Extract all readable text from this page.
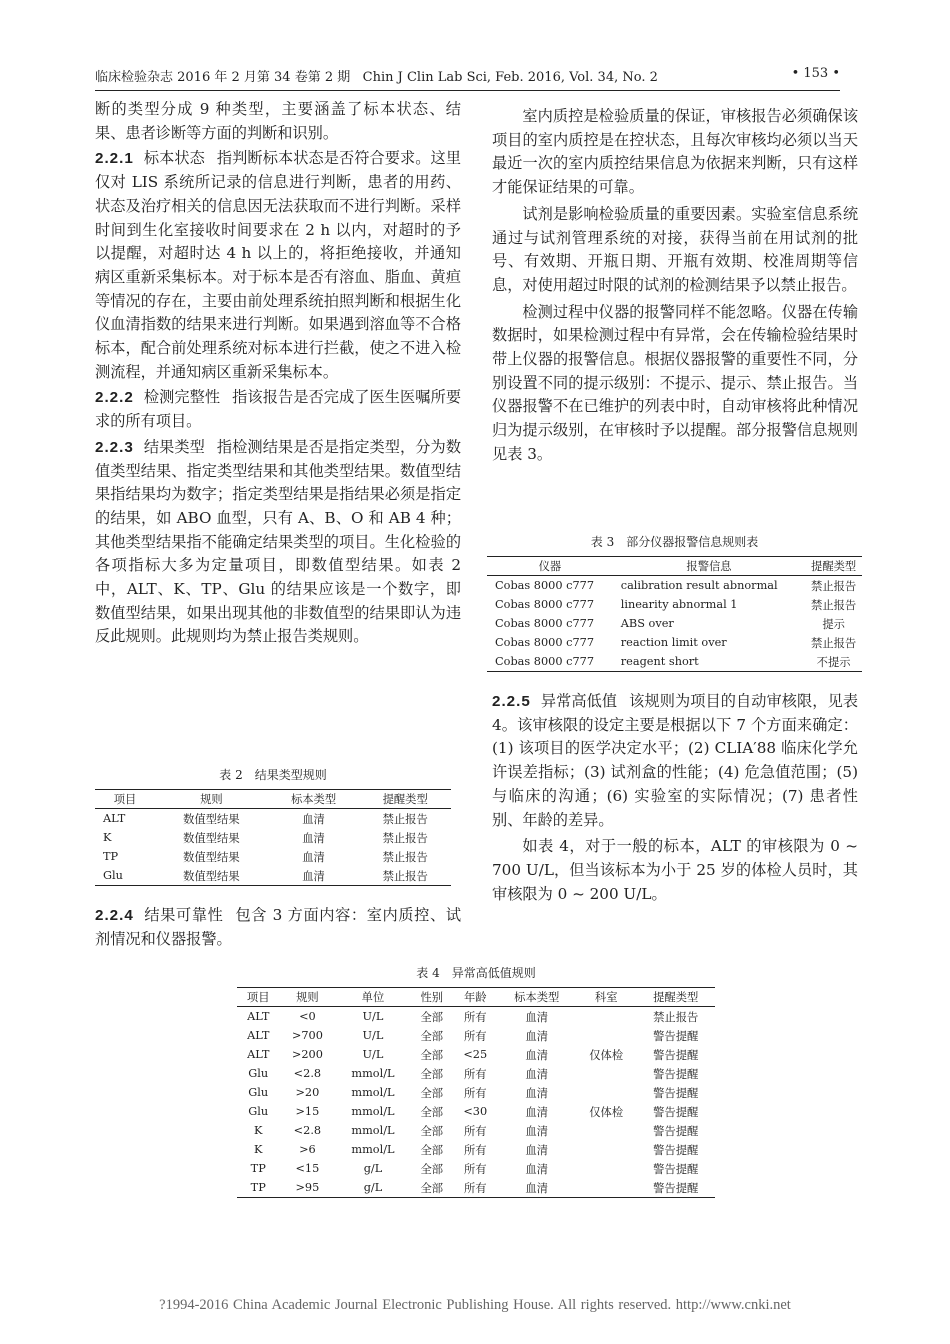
临床检验杂志 2016 年 2 月第 34 卷第 2 期 Chin J Clin Lab Sci, Feb. 2016, Vol. 34, No. 2	• 153 •

断的类型分成 9 种类型，主要涵盖了标本状态、结果、患者诊断等方面的判断和识别。

2.2.1 标本状态 指判断标本状态是否符合要求。这里仅对 LIS 系统所记录的信息进行判断，患者的用药、状态及治疗相关的信息因无法获取而不进行判断。采样时间到生化室接收时间要求在 2 h 以内，对超时的予以提醒，对超时达 4 h 以上的，将拒绝接收，并通知病区重新采集标本。对于标本是否有溶血、脂血、黄疸等情况的存在，主要由前处理系统拍照判断和根据生化仪血清指数的结果来进行判断。如果遇到溶血等不合格标本，配合前处理系统对标本进行拦截，使之不进入检测流程，并通知病区重新采集标本。

2.2.2 检测完整性 指该报告是否完成了医生医嘱所要求的所有项目。

2.2.3 结果类型 指检测结果是否是指定类型，分为数值类型结果、指定类型结果和其他类型结果。数值型结果指结果均为数字；指定类型结果是指结果必须是指定的结果，如 ABO 血型，只有 A、B、O 和 AB 4 种；其他类型结果指不能确定结果类型的项目。生化检验的各项指标大多为定量项目，即数值型结果。如表 2 中，ALT、K、TP、Glu 的结果应该是一个数字，即数值型结果，如果出现其他的非数值型的结果即认为违反此规则。此规则均为禁止报告类规则。

表 2　结果类型规则
项目	规则	标本类型	提醒类型
ALT	数值型结果	血清	禁止报告
K	数值型结果	血清	禁止报告
TP	数值型结果	血清	禁止报告
Glu	数值型结果	血清	禁止报告

2.2.4 结果可靠性 包含 3 方面内容：室内质控、试剂情况和仪器报警。

室内质控是检验质量的保证，审核报告必须确保该项目的室内质控是在控状态，且每次审核均必须以当天最近一次的室内质控结果信息为依据来判断，只有这样才能保证结果的可靠。

试剂是影响检验质量的重要因素。实验室信息系统通过与试剂管理系统的对接，获得当前在用试剂的批号、有效期、开瓶日期、开瓶有效期、校准周期等信息，对使用超过时限的试剂的检测结果予以禁止报告。

检测过程中仪器的报警同样不能忽略。仪器在传输数据时，如果检测过程中有异常，会在传输检验结果时带上仪器的报警信息。根据仪器报警的重要性不同，分别设置不同的提示级别：不提示、提示、禁止报告。当仪器报警不在已维护的列表中时，自动审核将此种情况归为提示级别，在审核时予以提醒。部分报警信息规则见表 3。

表 3　部分仪器报警信息规则表
仪器	报警信息	提醒类型
Cobas 8000 c777	calibration result abnormal	禁止报告
Cobas 8000 c777	linearity abnormal 1	禁止报告
Cobas 8000 c777	ABS over	提示
Cobas 8000 c777	reaction limit over	禁止报告
Cobas 8000 c777	reagent short	不提示

2.2.5 异常高低值 该规则为项目的自动审核限，见表 4。该审核限的设定主要是根据以下 7 个方面来确定：(1) 该项目的医学决定水平；(2) CLIA′88 临床化学允许误差指标；(3) 试剂盒的性能；(4) 危急值范围；(5) 与临床的沟通；(6) 实验室的实际情况；(7) 患者性别、年龄的差异。

如表 4，对于一般的标本，ALT 的审核限为 0 ~ 700 U/L，但当该标本为小于 25 岁的体检人员时，其审核限为 0 ~ 200 U/L。

表 4　异常高低值规则
项目	规则	单位	性别	年龄	标本类型	科室	提醒类型
ALT	<0	U/L	全部	所有	血清		禁止报告
ALT	>700	U/L	全部	所有	血清		警告提醒
ALT	>200	U/L	全部	<25	血清	仅体检	警告提醒
Glu	<2.8	mmol/L	全部	所有	血清		警告提醒
Glu	>20	mmol/L	全部	所有	血清		警告提醒
Glu	>15	mmol/L	全部	<30	血清	仅体检	警告提醒
K	<2.8	mmol/L	全部	所有	血清		警告提醒
K	>6	mmol/L	全部	所有	血清		警告提醒
TP	<15	g/L	全部	所有	血清		警告提醒
TP	>95	g/L	全部	所有	血清		警告提醒
?1994-2016 China Academic Journal Electronic Publishing House. All rights reserved. http://www.cnki.net
